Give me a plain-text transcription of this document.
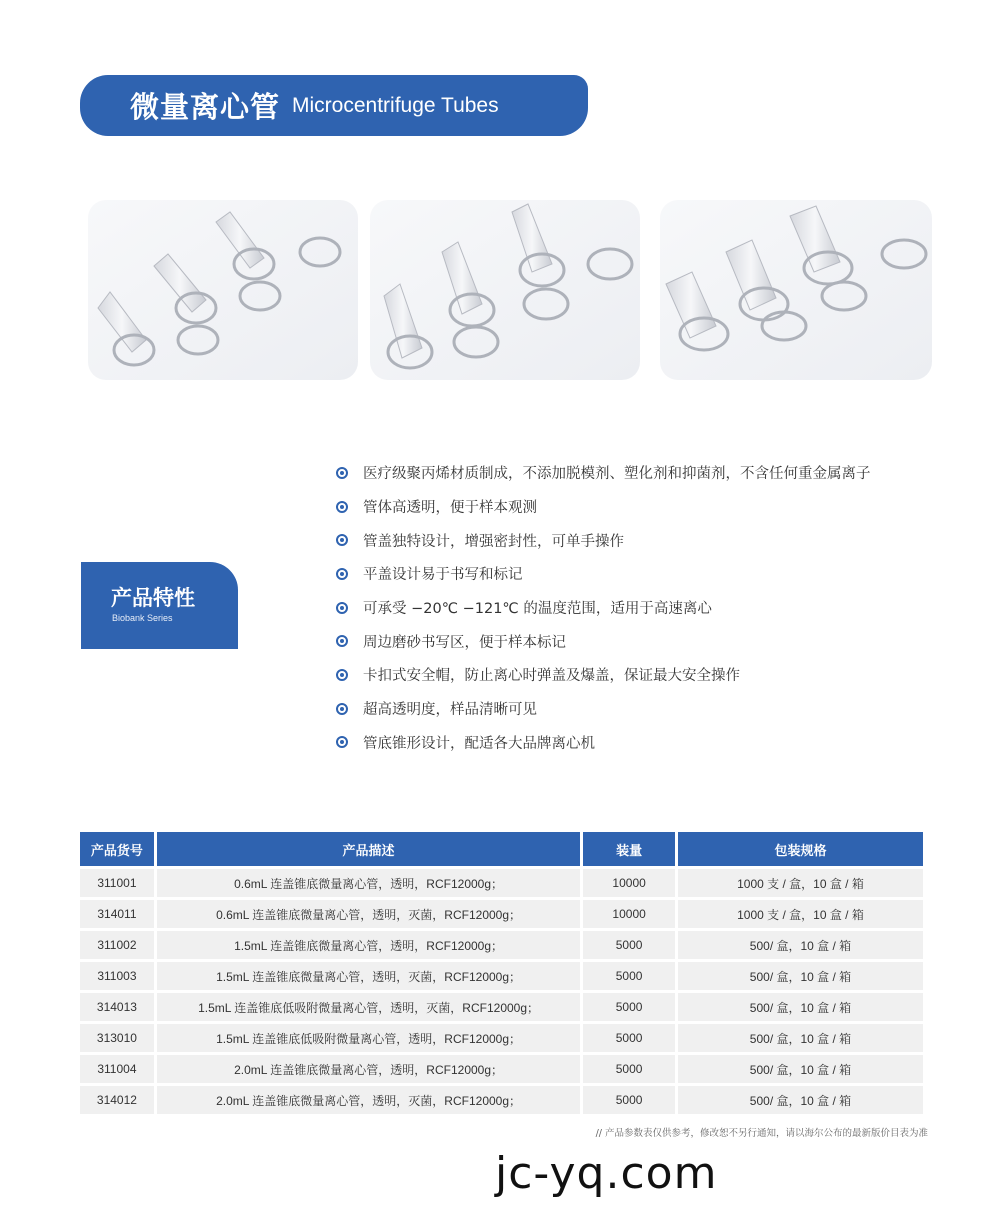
微量离心管 Microcentrifuge Tubes
产品特性
Biobank Series
医疗级聚丙烯材质制成，不添加脱模剂、塑化剂和抑菌剂，不含任何重金属离子
管体高透明，便于样本观测
管盖独特设计，增强密封性，可单手操作
平盖设计易于书写和标记
可承受 −20℃ −121℃ 的温度范围，适用于高速离心
周边磨砂书写区，便于样本标记
卡扣式安全帽，防止离心时弹盖及爆盖，保证最大安全操作
超高透明度，样品清晰可见
管底锥形设计，配适各大品牌离心机
产品货号	产品描述	装量	包装规格
311001	0.6mL 连盖锥底微量离心管，透明，RCF12000g；	10000	1000 支 / 盒，10 盒 / 箱
314011	0.6mL 连盖锥底微量离心管，透明，灭菌，RCF12000g；	10000	1000 支 / 盒，10 盒 / 箱
311002	1.5mL 连盖锥底微量离心管，透明，RCF12000g；	5000	500/ 盒，10 盒 / 箱
311003	1.5mL 连盖锥底微量离心管，透明，灭菌，RCF12000g；	5000	500/ 盒，10 盒 / 箱
314013	1.5mL 连盖锥底低吸附微量离心管，透明，灭菌，RCF12000g；	5000	500/ 盒，10 盒 / 箱
313010	1.5mL 连盖锥底低吸附微量离心管，透明，RCF12000g；	5000	500/ 盒，10 盒 / 箱
311004	2.0mL 连盖锥底微量离心管，透明，RCF12000g；	5000	500/ 盒，10 盒 / 箱
314012	2.0mL 连盖锥底微量离心管，透明，灭菌，RCF12000g；	5000	500/ 盒，10 盒 / 箱
// 产品参数表仅供参考，修改恕不另行通知，请以海尔公布的最新版价目表为准
jc-yq.com
